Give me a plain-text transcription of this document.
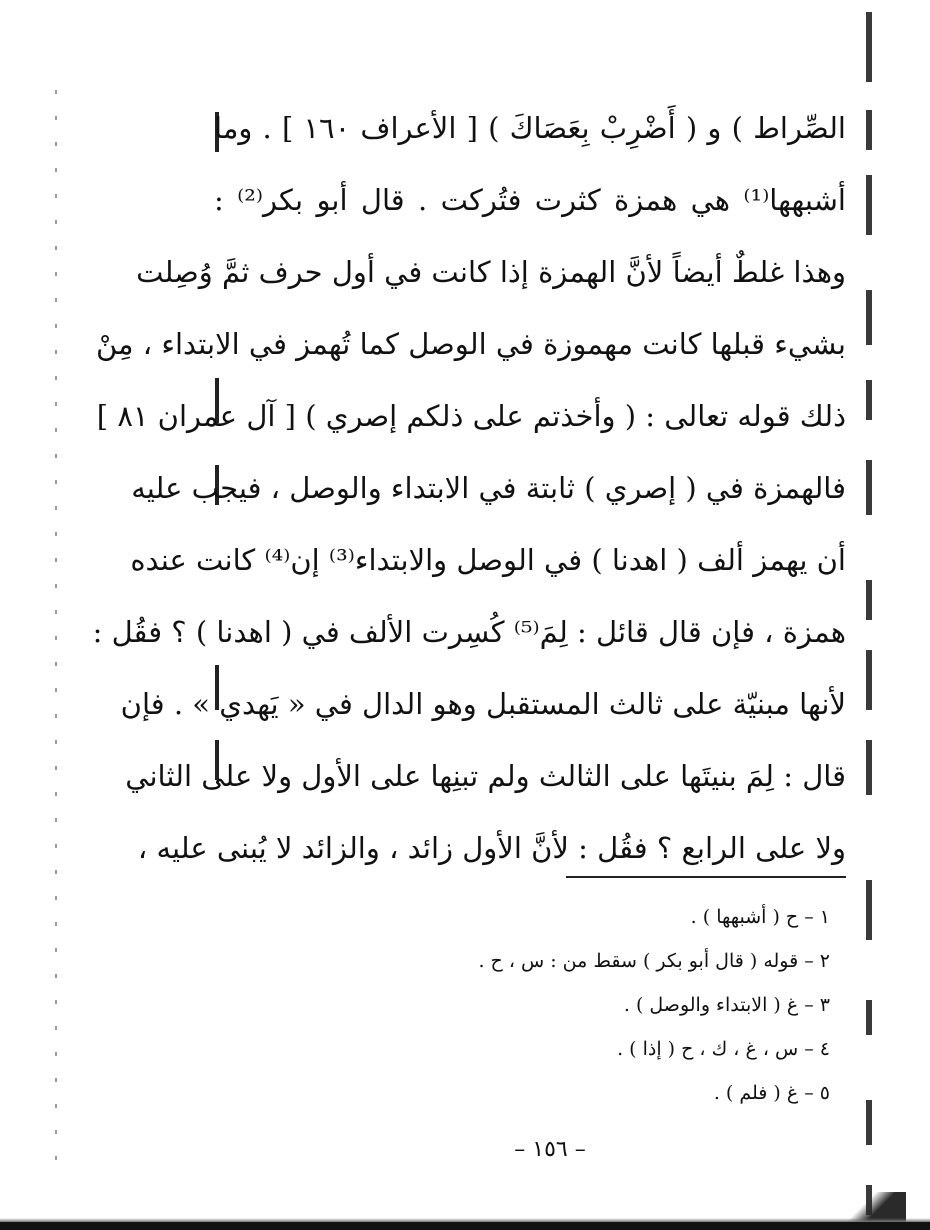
الصِّراط ) و ( أَضْرِبْ بِعَصَاكَ ) [ الأعراف ١٦٠ ] . وما
أشبهها⁽¹⁾ هي همزة كثرت فتُركت . قال أبو بكر⁽²⁾ :
وهذا غلطٌ أيضاً لأنَّ الهمزة إذا كانت في أول حرف ثمَّ وُصِلت
بشيء قبلها كانت مهموزة في الوصل كما تُهمز في الابتداء ، مِنْ
ذلك قوله تعالى : ( وأخذتم على ذلكم إصري ) [ آل عمران ٨١ ]
فالهمزة في ( إصري ) ثابتة في الابتداء والوصل ، فيجب عليه
أن يهمز ألف ( اهدنا ) في الوصل والابتداء⁽³⁾ إن⁽⁴⁾ كانت عنده
همزة ، فإن قال قائل : لِمَ⁽⁵⁾ كُسِرت الألف في ( اهدنا ) ؟ فقُل :
لأنها مبنيّة على ثالث المستقبل وهو الدال في « يَهدي » . فإن
قال : لِمَ بنيتَها على الثالث ولم تبنِها على الأول ولا على الثاني
ولا على الرابع ؟ فقُل : لأنَّ الأول زائد ، والزائد لا يُبنى عليه ،
١ – ح ( أشبهها ) .
٢ – قوله ( قال أبو بكر ) سقط من : س ، ح .
٣ – غ ( الابتداء والوصل ) .
٤ – س ، غ ، ك ، ح ( إذا ) .
٥ – غ ( فلم ) .
– ١٥٦ –
